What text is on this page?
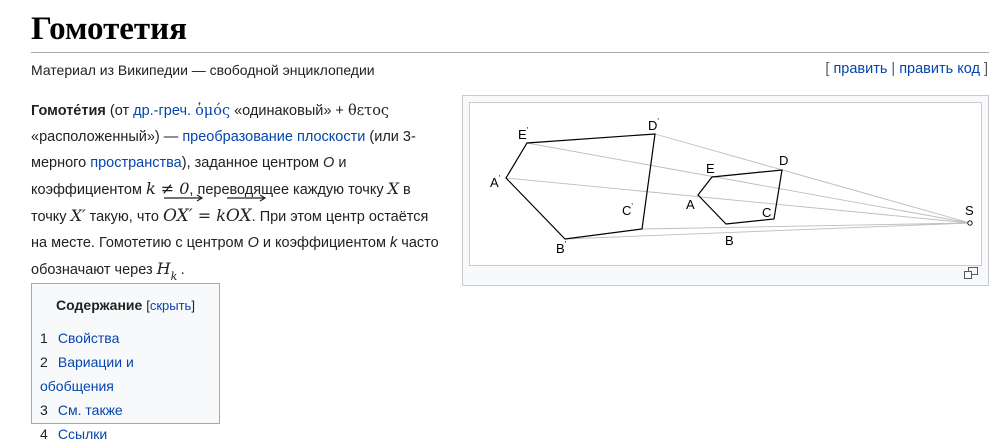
Гомотетия
Материал из Википедии — свободной энциклопедии	[ править | править код ]
Гомоте́тия (от др.-греч. ὁμός «одинаковый» + θετος «расположенный») — преобразование плоскости (или 3-мерного пространства), заданное центром O и коэффициентом k ≠ 0, переводящее каждую точку X в точку X′ такую, что
OX′ = k
OX. При этом центр остаётся на месте. Гомотетию с центром O и коэффициентом k часто обозначают через H k .
E'	D'
A'
C'
B'
E
D
A
C
B
S
Содержание [скрыть]
1 Свойства
2 Вариации и обобщения
3 См. также
4 Ссылки
